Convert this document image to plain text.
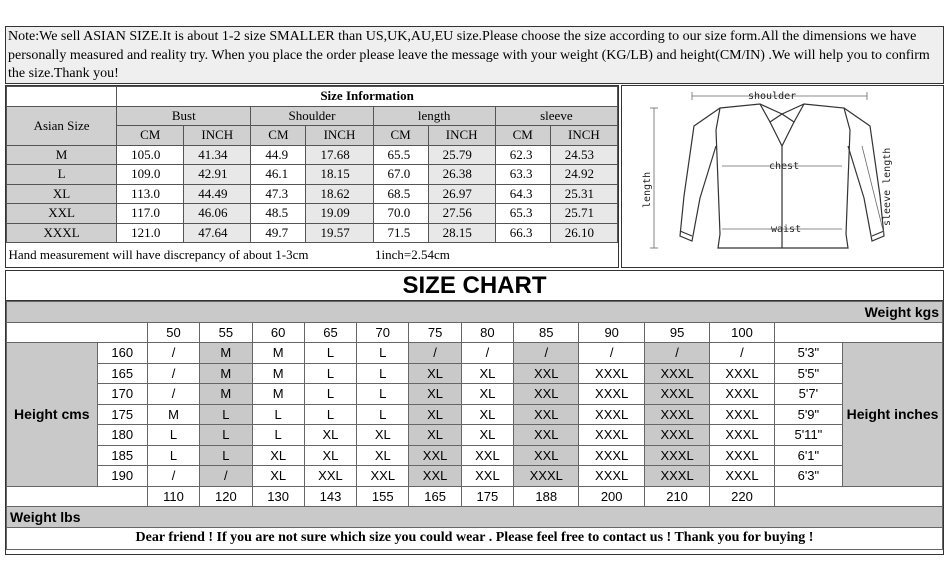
Note:We sell ASIAN SIZE.It is about 1-2 size SMALLER than US,UK,AU,EU size.Please choose the size according to our size form.All the dimensions we have personally measured and reality try. When you place the order please leave the message with your weight (KG/LB) and height(CM/IN) .We will help you to confirm the size.Thank you!
	Size Information							
Asian Size	Bust		Shoulder		length		sleeve	
	CM	INCH	CM	INCH	CM	INCH	CM	INCH
M	105.0	41.34	44.9	17.68	65.5	25.79	62.3	24.53
L	109.0	42.91	46.1	18.15	67.0	26.38	63.3	24.92
XL	113.0	44.49	47.3	18.62	68.5	26.97	64.3	25.31
XXL	117.0	46.06	48.5	19.09	70.0	27.56	65.3	25.71
XXXL	121.0	47.64	49.7	19.57	71.5	28.15	66.3	26.10
Hand measurement will have discrepancy of about 1-3cm					1inch=2.54cm			
shoulder
chest
waist
length	sleeve length
SIZE CHART
Weight kgs														
		50	55	60	65	70	75	80	85	90	95	100		
Height cms	160	/	M	M	L	L	/	/	/	/	/	/	5'3"	Height inches
	165	/	M	M	L	L	XL	XL	XXL	XXXL	XXXL	XXXL	5'5"	
	170	/	M	M	L	L	XL	XL	XXL	XXXL	XXXL	XXXL	5'7'	
	175	M	L	L	L	L	XL	XL	XXL	XXXL	XXXL	XXXL	5'9"	
	180	L	L	L	XL	XL	XL	XL	XXL	XXXL	XXXL	XXXL	5'11"	
	185	L	L	XL	XL	XL	XXL	XXL	XXL	XXXL	XXXL	XXXL	6'1"	
	190	/	/	XL	XXL	XXL	XXL	XXL	XXXL	XXXL	XXXL	XXXL	6'3"	
		110	120	130	143	155	165	175	188	200	210	220		
Weight lbs														
Dear friend ! If you are not sure which size you could wear . Please feel free to contact us ! Thank you for buying !														
